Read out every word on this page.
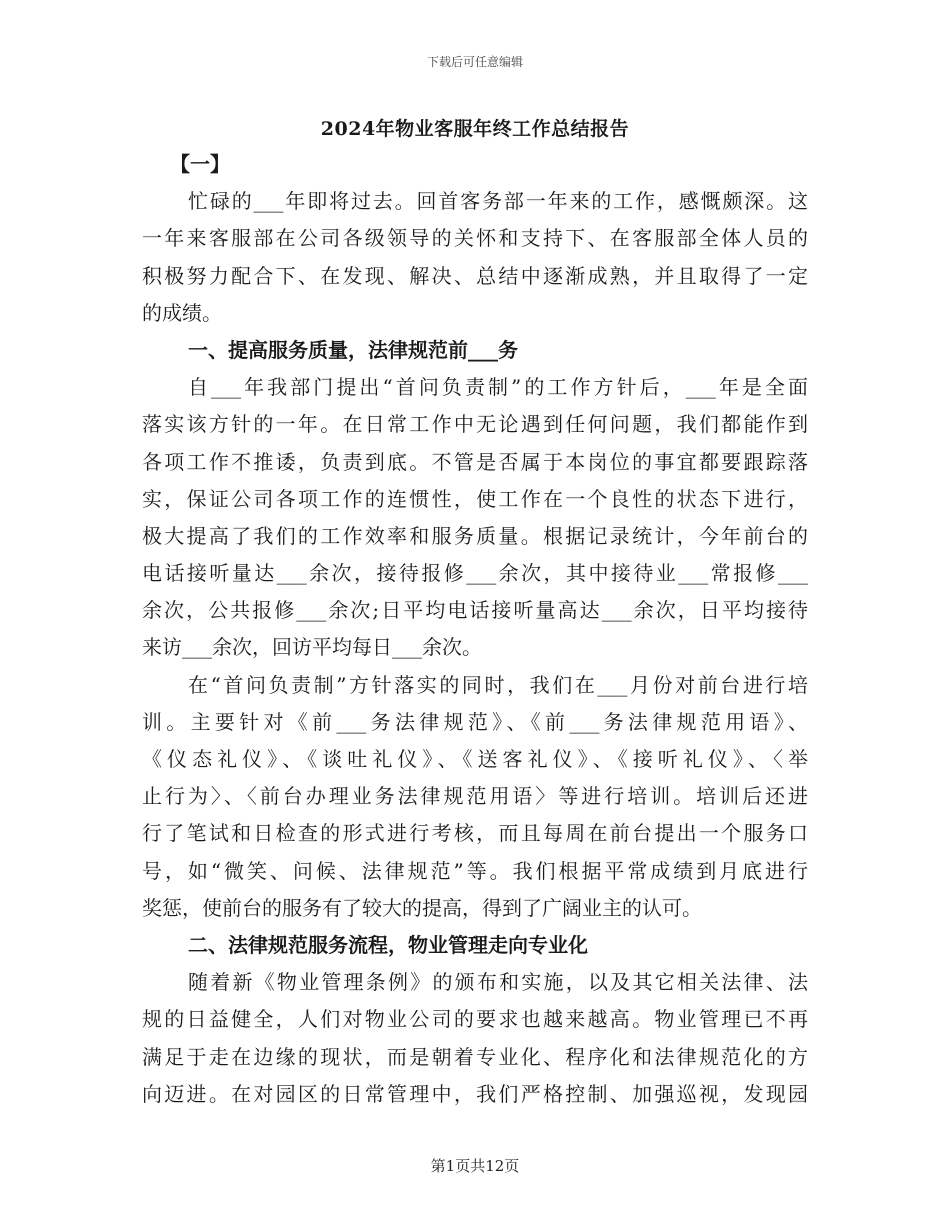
下载后可任意编辑
2024年物业客服年终工作总结报告
【一】
忙碌的___年即将过去。回首客务部一年来的工作，感慨颇深。这
一年来客服部在公司各级领导的关怀和支持下、在客服部全体人员的
积极努力配合下、在发现、解决、总结中逐渐成熟，并且取得了一定
的成绩。
一、提高服务质量，法律规范前___务
自___年我部门提出“首问负责制”的工作方针后，___年是全面
落实该方针的一年。在日常工作中无论遇到任何问题，我们都能作到
各项工作不推诿，负责到底。不管是否属于本岗位的事宜都要跟踪落
实，保证公司各项工作的连惯性，使工作在一个良性的状态下进行，
极大提高了我们的工作效率和服务质量。根据记录统计，今年前台的
电话接听量达___余次，接待报修___余次，其中接待业___常报修___
余次，公共报修___余次;日平均电话接听量高达___余次，日平均接待
来访___余次，回访平均每日___余次。
在“首问负责制”方针落实的同时，我们在___月份对前台进行培
训。主要针对《前___务法律规范》、《前___务法律规范用语》、
《仪态礼仪》、《谈吐礼仪》、《送客礼仪》、《接听礼仪》、〈举
止行为〉、〈前台办理业务法律规范用语〉等进行培训。培训后还进
行了笔试和日检查的形式进行考核，而且每周在前台提出一个服务口
号，如“微笑、问候、法律规范”等。我们根据平常成绩到月底进行
奖惩，使前台的服务有了较大的提高，得到了广阔业主的认可。
二、法律规范服务流程，物业管理走向专业化
随着新《物业管理条例》的颁布和实施，以及其它相关法律、法
规的日益健全，人们对物业公司的要求也越来越高。物业管理已不再
满足于走在边缘的现状，而是朝着专业化、程序化和法律规范化的方
向迈进。在对园区的日常管理中，我们严格控制、加强巡视，发现园
第1页共12页
